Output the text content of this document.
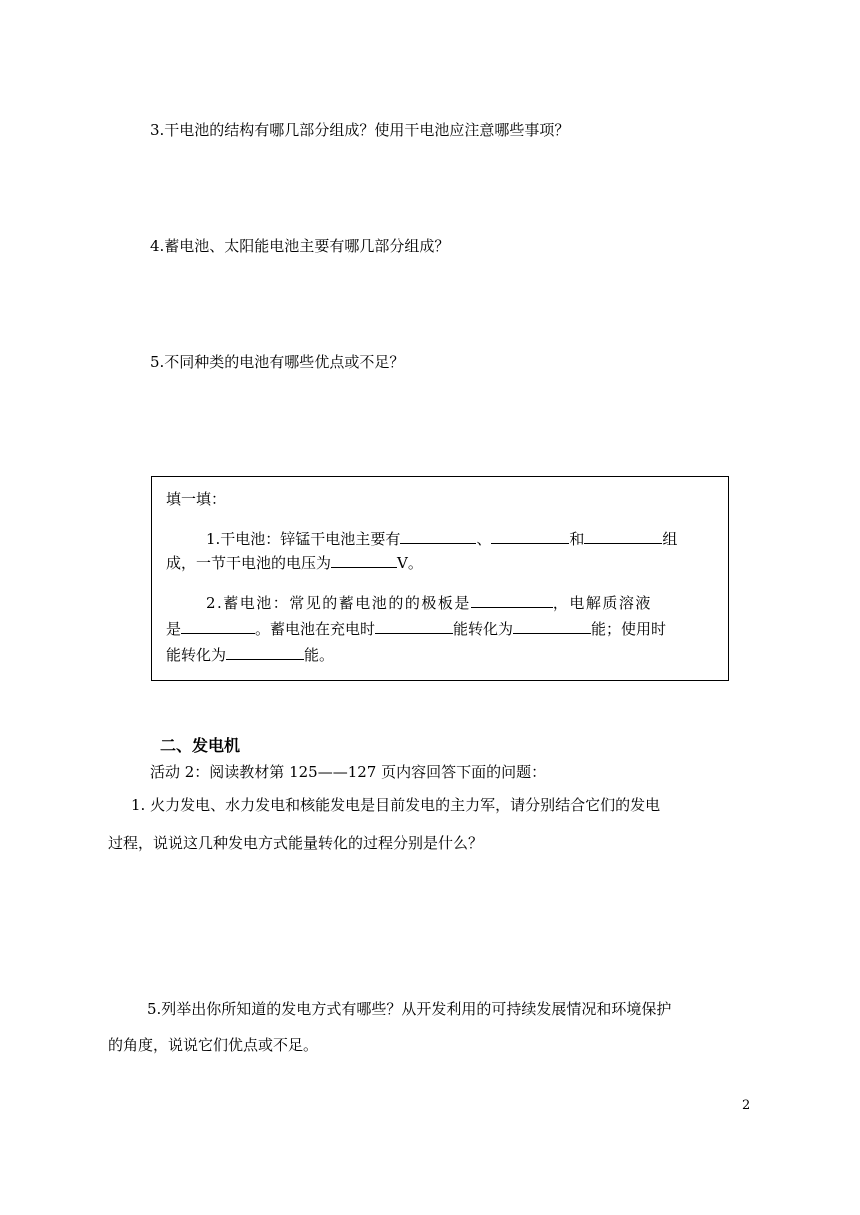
3.干电池的结构有哪几部分组成？使用干电池应注意哪些事项？
4.蓄电池、太阳能电池主要有哪几部分组成？
5.不同种类的电池有哪些优点或不足？
填一填：
1.干电池：锌锰干电池主要有	、	和	组
成，一节干电池的电压为	V。
2.蓄电池：常见的蓄电池的的极板是	，电解质溶液
是	。蓄电池在充电时	能转化为	能；使用时
能转化为	能。
二、发电机
活动 2：阅读教材第 125——127 页内容回答下面的问题：
1. 火力发电、水力发电和核能发电是目前发电的主力军，请分别结合它们的发电
过程，说说这几种发电方式能量转化的过程分别是什么？
5.列举出你所知道的发电方式有哪些？从开发利用的可持续发展情况和环境保护
的角度，说说它们优点或不足。
2
